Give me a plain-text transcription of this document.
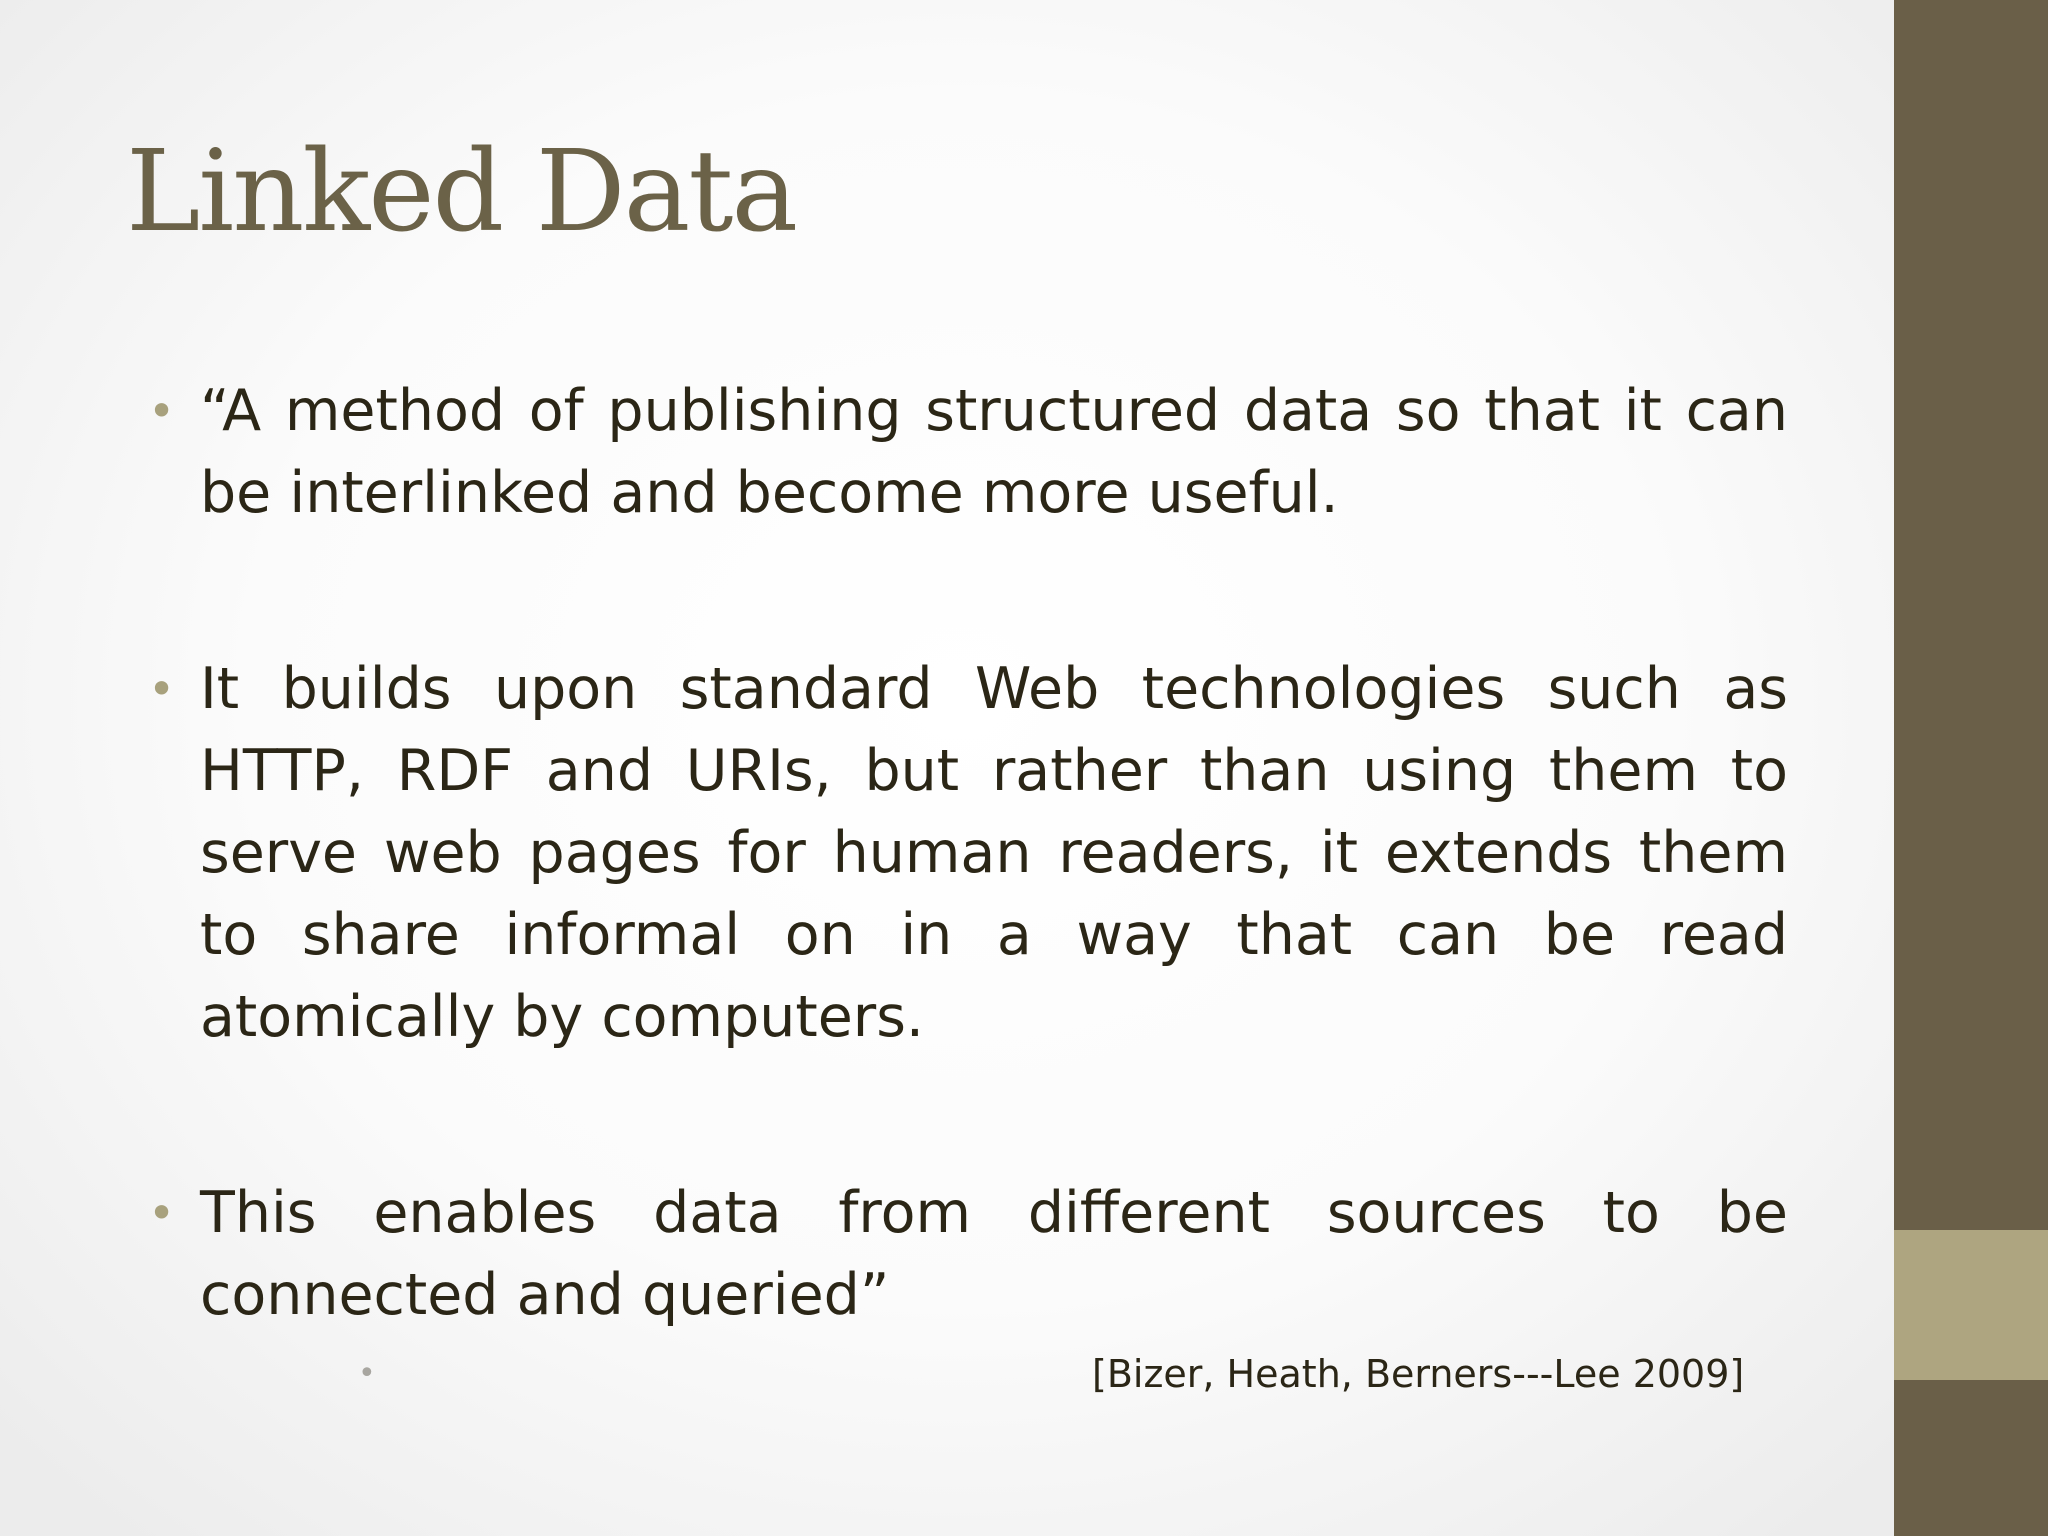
Linked Data
• “A method of publishing structured data so that it can be interlinked and become more useful.
• It builds upon standard Web technologies such as HTTP, RDF and URIs, but rather than using them to serve web pages for human readers, it extends them to share informal on in a way that can be read atomically by computers.
• This enables data from different sources to be connected and queried”
•	[Bizer, Heath, Berners---Lee 2009]
